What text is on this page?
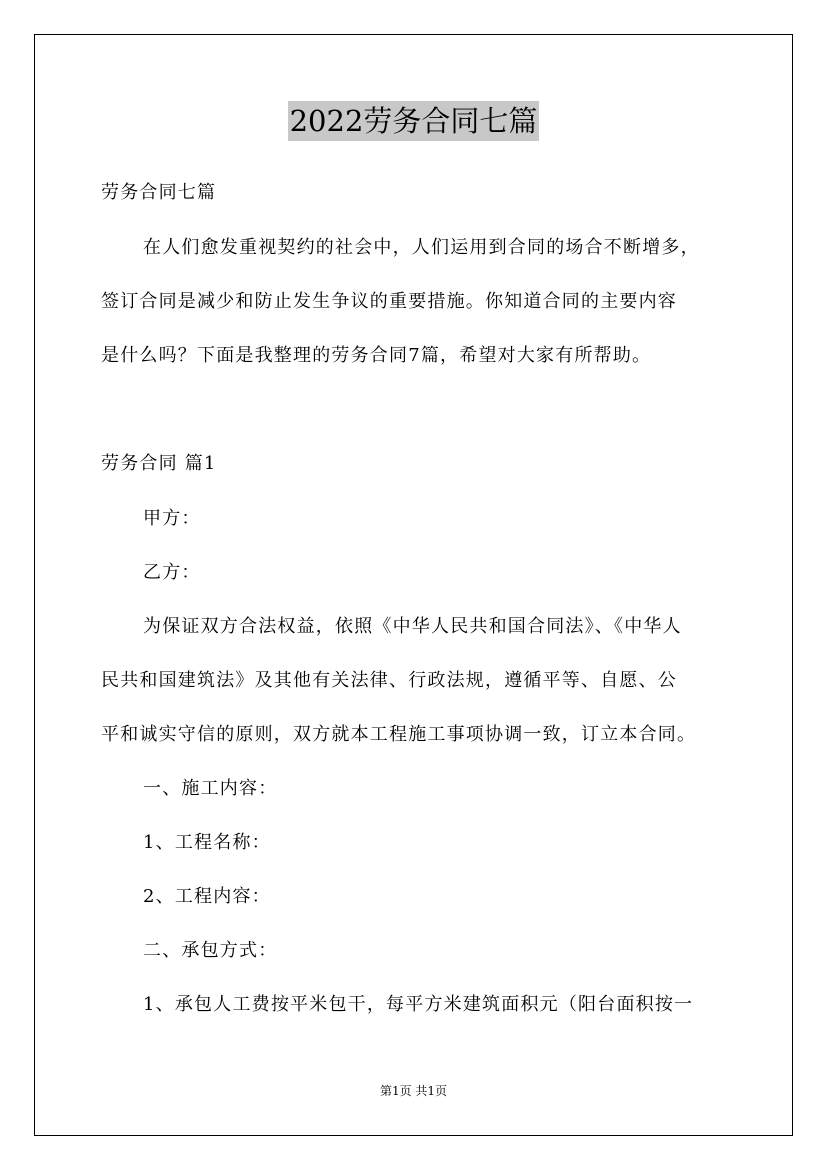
2022劳务合同七篇
劳务合同七篇
在人们愈发重视契约的社会中，人们运用到合同的场合不断增多，
签订合同是减少和防止发生争议的重要措施。你知道合同的主要内容
是什么吗？下面是我整理的劳务合同7篇，希望对大家有所帮助。
劳务合同 篇1
甲方：
乙方：
为保证双方合法权益，依照《中华人民共和国合同法》、《中华人
民共和国建筑法》及其他有关法律、行政法规，遵循平等、自愿、公
平和诚实守信的原则，双方就本工程施工事项协调一致，订立本合同。
一、施工内容：
1、工程名称：
2、工程内容：
二、承包方式：
1、承包人工费按平米包干，每平方米建筑面积元（阳台面积按一
第1页 共1页
